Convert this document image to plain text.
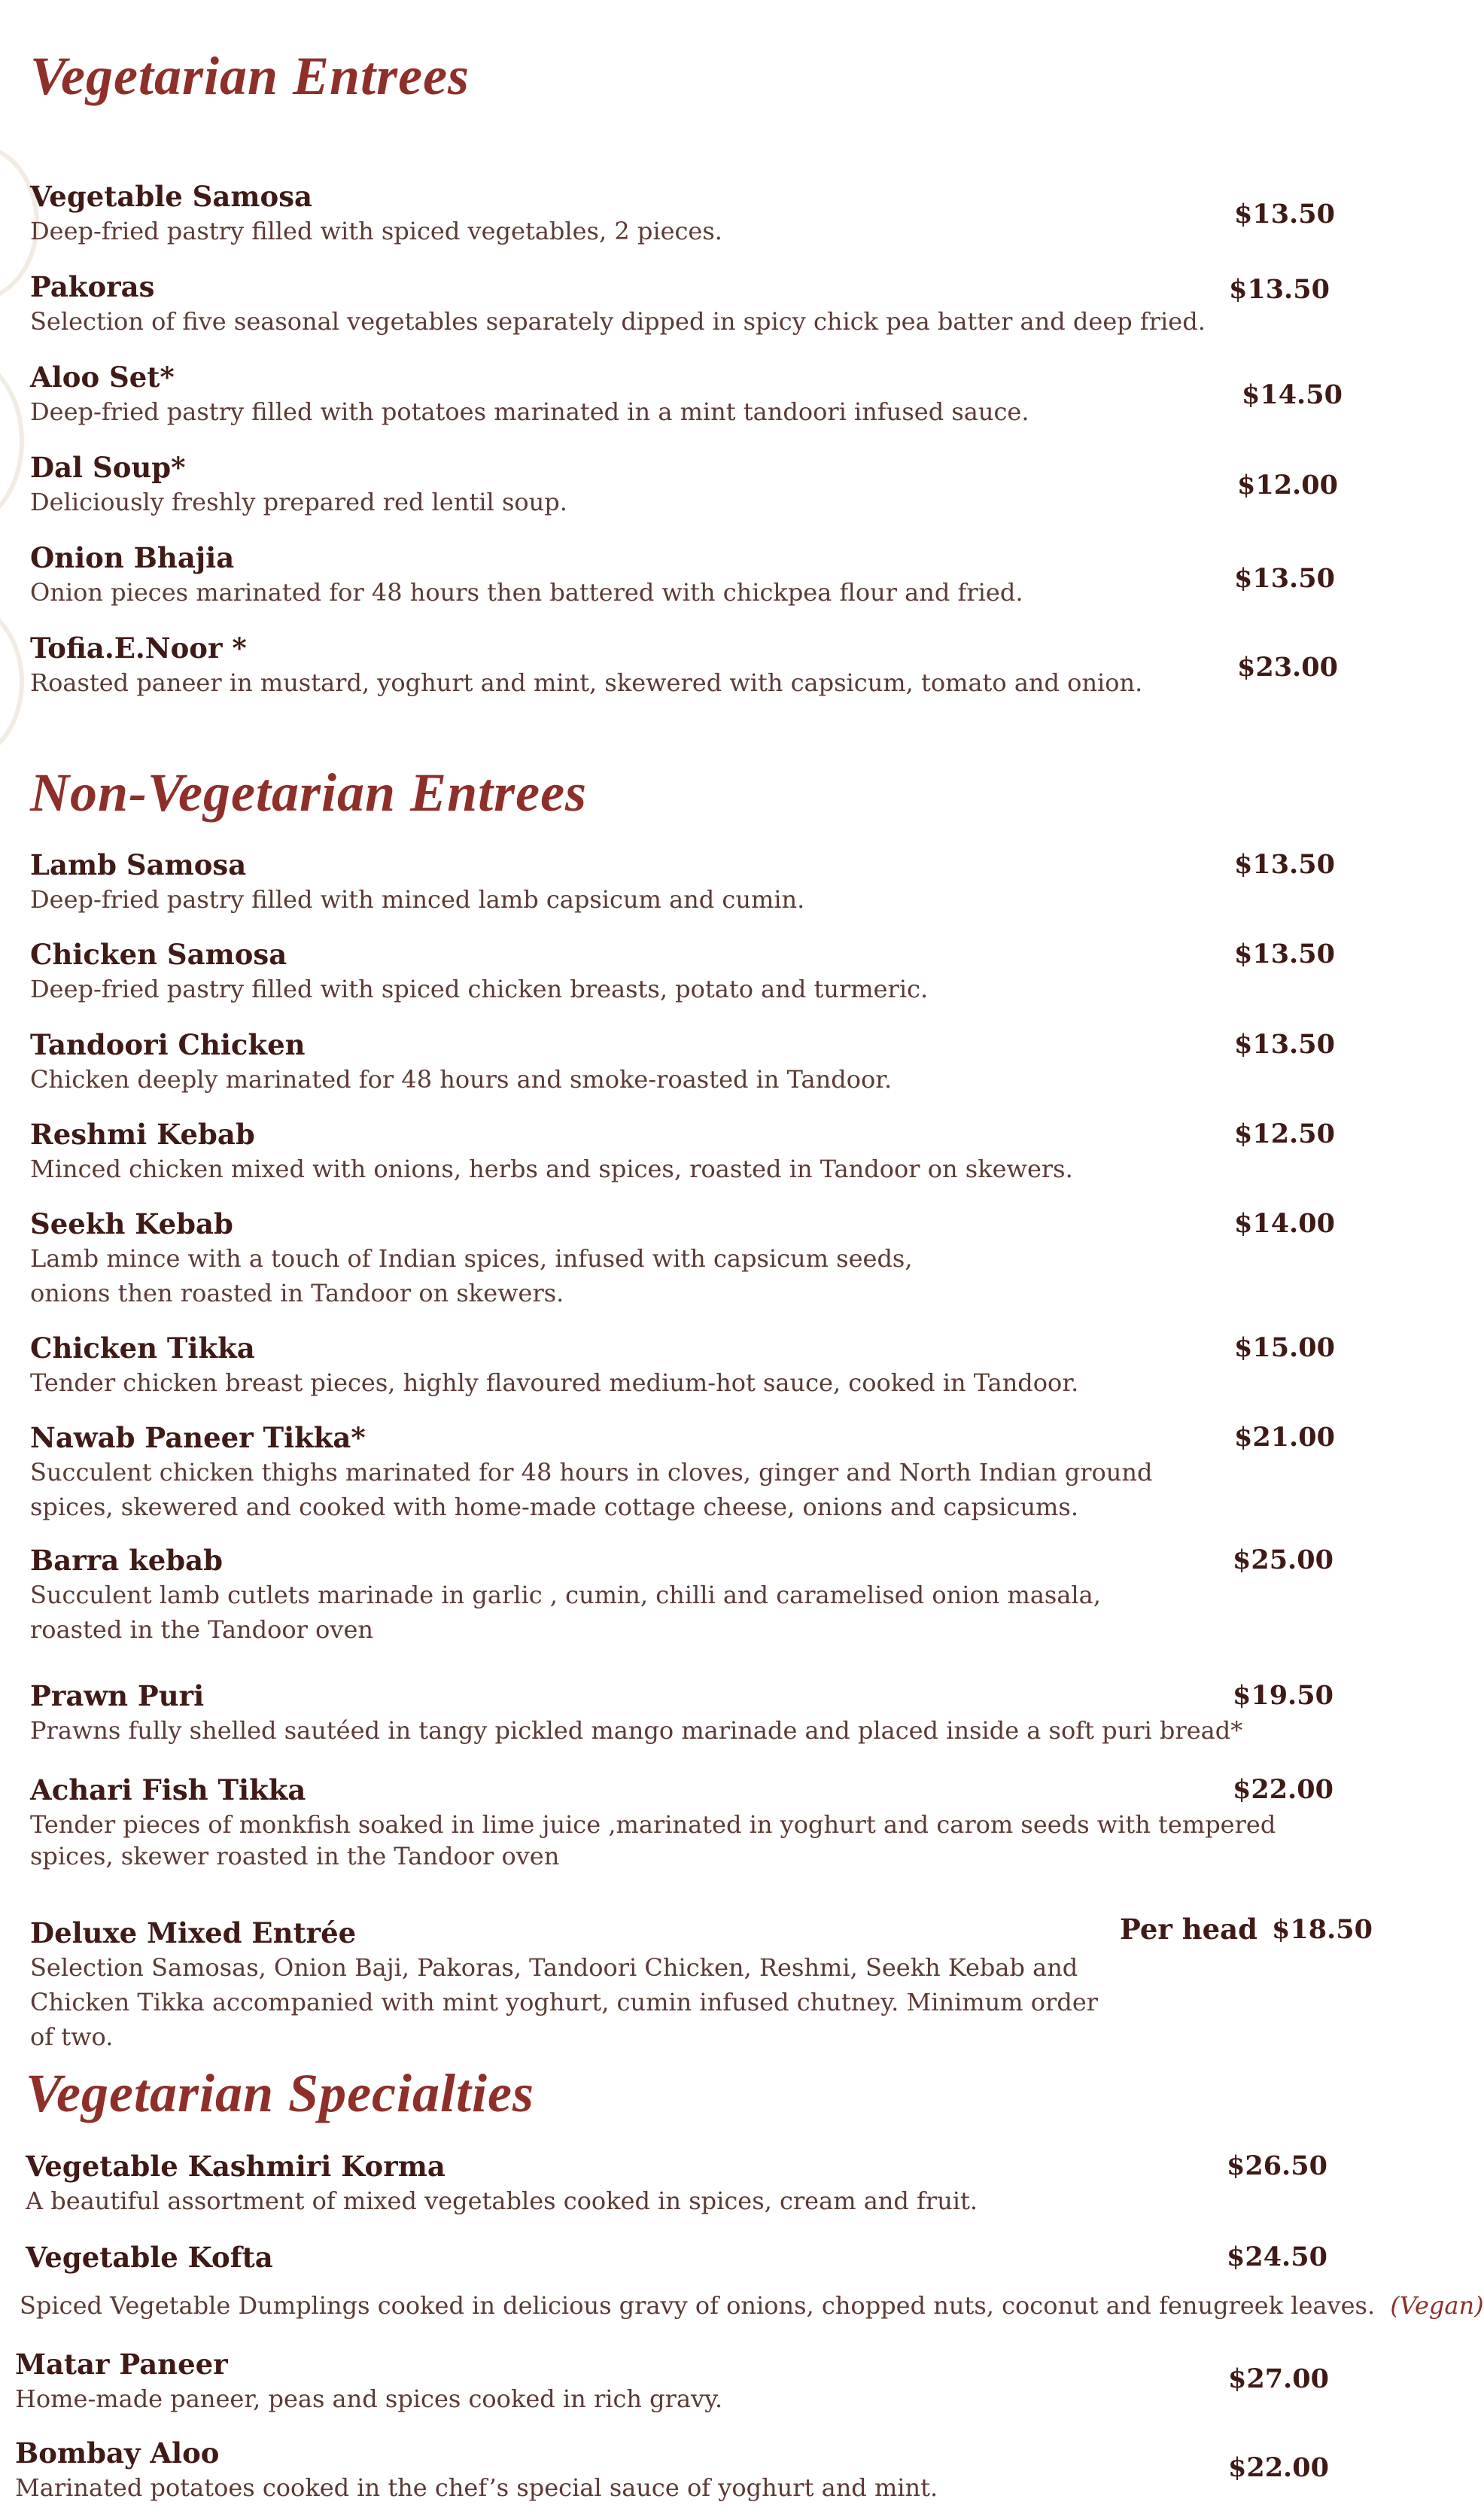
Vegetarian Entrees
Vegetable Samosa
Deep-fried pastry filled with spiced vegetables, 2 pieces.
$13.50
Pakoras
Selection of five seasonal vegetables separately dipped in spicy chick pea batter and deep fried.
$13.50
Aloo Set*
Deep-fried pastry filled with potatoes marinated in a mint tandoori infused sauce.
$14.50
Dal Soup*
Deliciously freshly prepared red lentil soup.
$12.00
Onion Bhajia
Onion pieces marinated for 48 hours then battered with chickpea flour and fried.	$13.50
Tofia.E.Noor *
Roasted paneer in mustard, yoghurt and mint, skewered with capsicum, tomato and onion.	$23.00
Non-Vegetarian Entrees
Lamb Samosa
Deep-fried pastry filled with minced lamb capsicum and cumin.
$13.50
Chicken Samosa
Deep-fried pastry filled with spiced chicken breasts, potato and turmeric.
$13.50
Tandoori Chicken
Chicken deeply marinated for 48 hours and smoke-roasted in Tandoor.
$13.50
Reshmi Kebab
Minced chicken mixed with onions, herbs and spices, roasted in Tandoor on skewers.
$12.50
Seekh Kebab
Lamb mince with a touch of Indian spices, infused with capsicum seeds,
onions then roasted in Tandoor on skewers.
$14.00
Chicken Tikka
Tender chicken breast pieces, highly flavoured medium-hot sauce, cooked in Tandoor.
$15.00
Nawab Paneer Tikka*
Succulent chicken thighs marinated for 48 hours in cloves, ginger and North Indian ground
spices, skewered and cooked with home-made cottage cheese, onions and capsicums.
$21.00
Barra kebab
Succulent lamb cutlets marinade in garlic , cumin, chilli and caramelised onion masala,
roasted in the Tandoor oven
$25.00
Prawn Puri
Prawns fully shelled sautéed in tangy pickled mango marinade and placed inside a soft puri bread*
$19.50
Achari Fish Tikka
Tender pieces of monkfish soaked in lime juice ,marinated in yoghurt and carom seeds with tempered
spices, skewer roasted in the Tandoor oven
$22.00
Deluxe Mixed Entrée
Selection Samosas, Onion Baji, Pakoras, Tandoori Chicken, Reshmi, Seekh Kebab and
Chicken Tikka accompanied with mint yoghurt, cumin infused chutney. Minimum order
of two.
Per head $18.50
Vegetarian Specialties
Vegetable Kashmiri Korma
A beautiful assortment of mixed vegetables cooked in spices, cream and fruit.
$26.50
Vegetable Kofta	$24.50
Spiced Vegetable Dumplings cooked in delicious gravy of onions, chopped nuts, coconut and fenugreek leaves. (Vegan)
Matar Paneer
Home-made paneer, peas and spices cooked in rich gravy.
$27.00
Bombay Aloo
Marinated potatoes cooked in the chef’s special sauce of yoghurt and mint.
$22.00
